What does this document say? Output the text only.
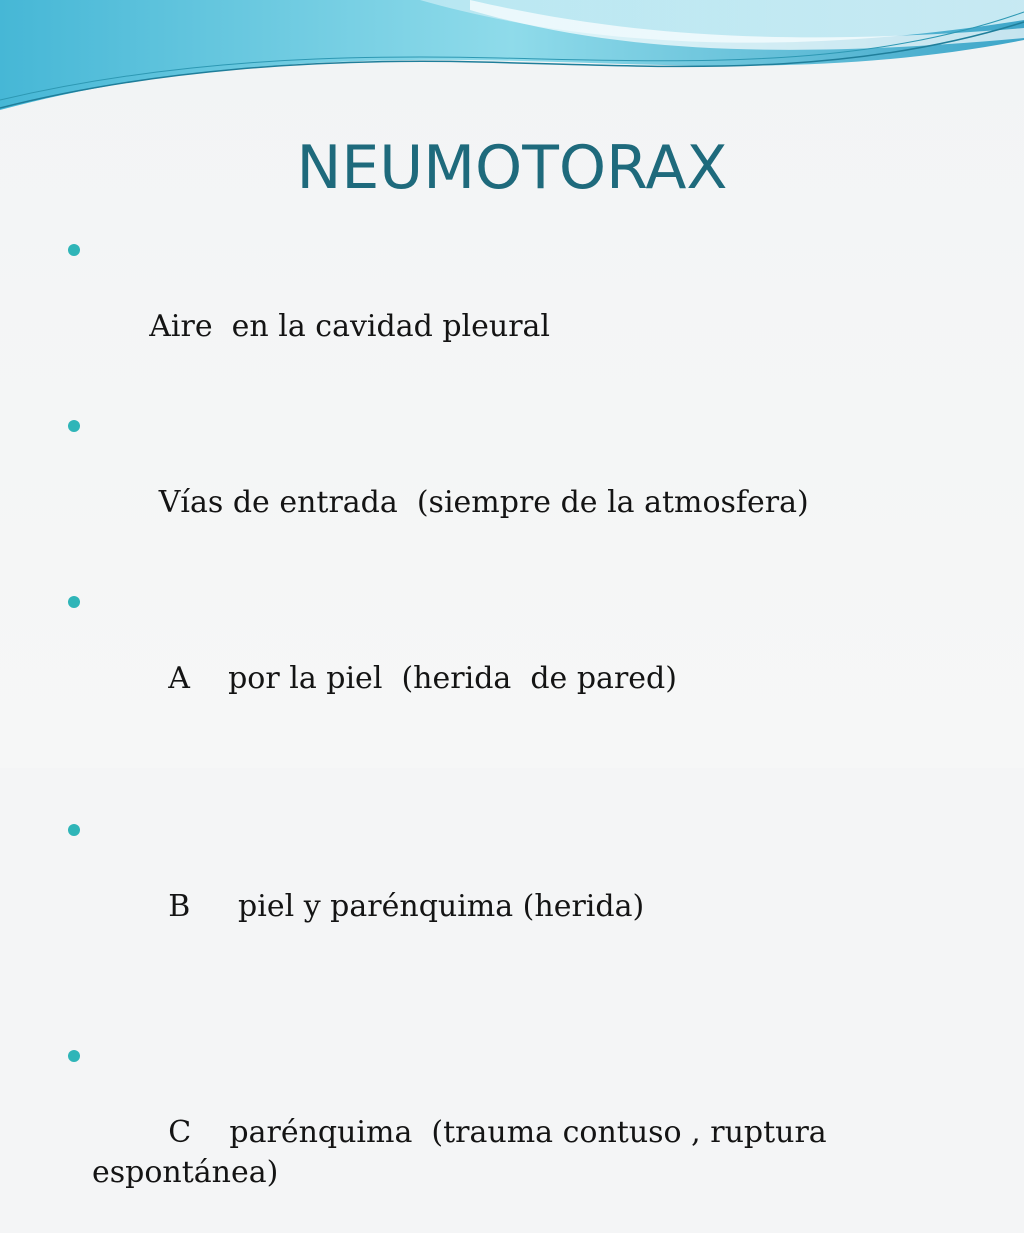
NEUMOTORAX

Aire  en la cavidad pleural

Vías de entrada  (siempre de la atmosfera)

A    por la piel  (herida  de pared)

B     piel y parénquima (herida)

C    parénquima  (trauma contuso , ruptura espontánea)
